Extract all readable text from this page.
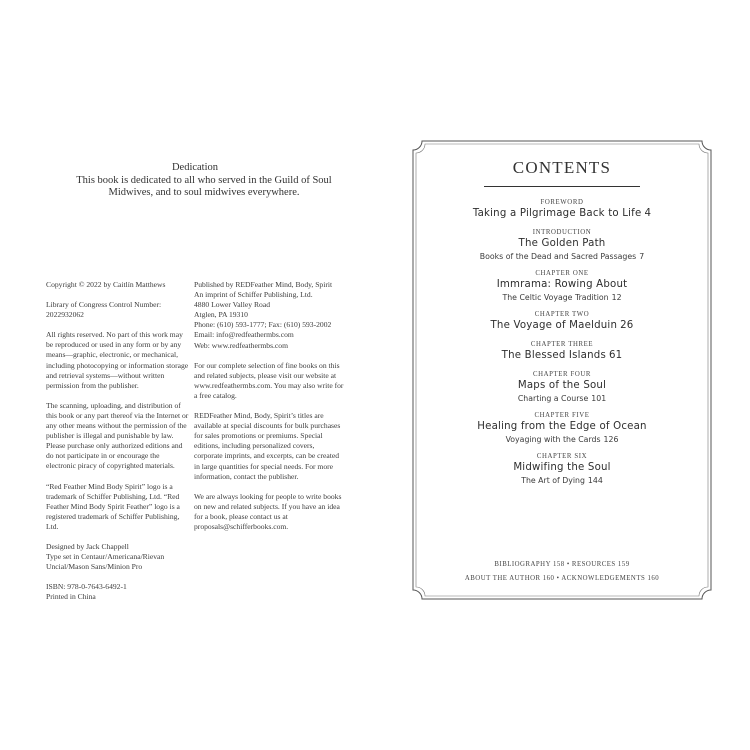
Dedication
This book is dedicated to all who served in the Guild of Soul Midwives, and to soul midwives everywhere.

Copyright © 2022 by Caitlín Matthews

Library of Congress Control Number: 2022932062

All rights reserved. No part of this work may be reproduced or used in any form or by any means—graphic, electronic, or mechanical, including photocopying or information storage and retrieval systems—without written permission from the publisher.

The scanning, uploading, and distribution of this book or any part thereof via the Internet or any other means without the permission of the publisher is illegal and punishable by law. Please purchase only authorized editions and do not participate in or encourage the electronic piracy of copyrighted materials.

“Red Feather Mind Body Spirit” logo is a trademark of Schiffer Publishing, Ltd. “Red Feather Mind Body Spirit Feather” logo is a registered trademark of Schiffer Publishing, Ltd.

Designed by Jack Chappell
Type set in Centaur/Americana/Rievan Uncial/Mason Sans/Minion Pro

ISBN: 978-0-7643-6492-1
Printed in China

Published by REDFeather Mind, Body, Spirit
An imprint of Schiffer Publishing, Ltd.
4880 Lower Valley Road
Atglen, PA 19310
Phone: (610) 593-1777; Fax: (610) 593-2002
Email: info@redfeathermbs.com
Web: www.redfeathermbs.com

For our complete selection of fine books on this and related subjects, please visit our website at www.redfeathermbs.com. You may also write for a free catalog.

REDFeather Mind, Body, Spirit’s titles are available at special discounts for bulk purchases for sales promotions or premiums. Special editions, including personalized covers, corporate imprints, and excerpts, can be created in large quantities for special needs. For more information, contact the publisher.

We are always looking for people to write books on new and related subjects. If you have an idea for a book, please contact us at proposals@schifferbooks.com.

CONTENTS
FOREWORD
Taking a Pilgrimage Back to Life 4
INTRODUCTION
The Golden Path
Books of the Dead and Sacred Passages 7
CHAPTER ONE
Immrama: Rowing About
The Celtic Voyage Tradition 12
CHAPTER TWO
The Voyage of Maelduin 26
CHAPTER THREE
The Blessed Islands 61
CHAPTER FOUR
Maps of the Soul
Charting a Course 101
CHAPTER FIVE
Healing from the Edge of Ocean
Voyaging with the Cards 126
CHAPTER SIX
Midwifing the Soul
The Art of Dying 144
BIBLIOGRAPHY 158 • RESOURCES 159
ABOUT THE AUTHOR 160 • ACKNOWLEDGEMENTS 160
